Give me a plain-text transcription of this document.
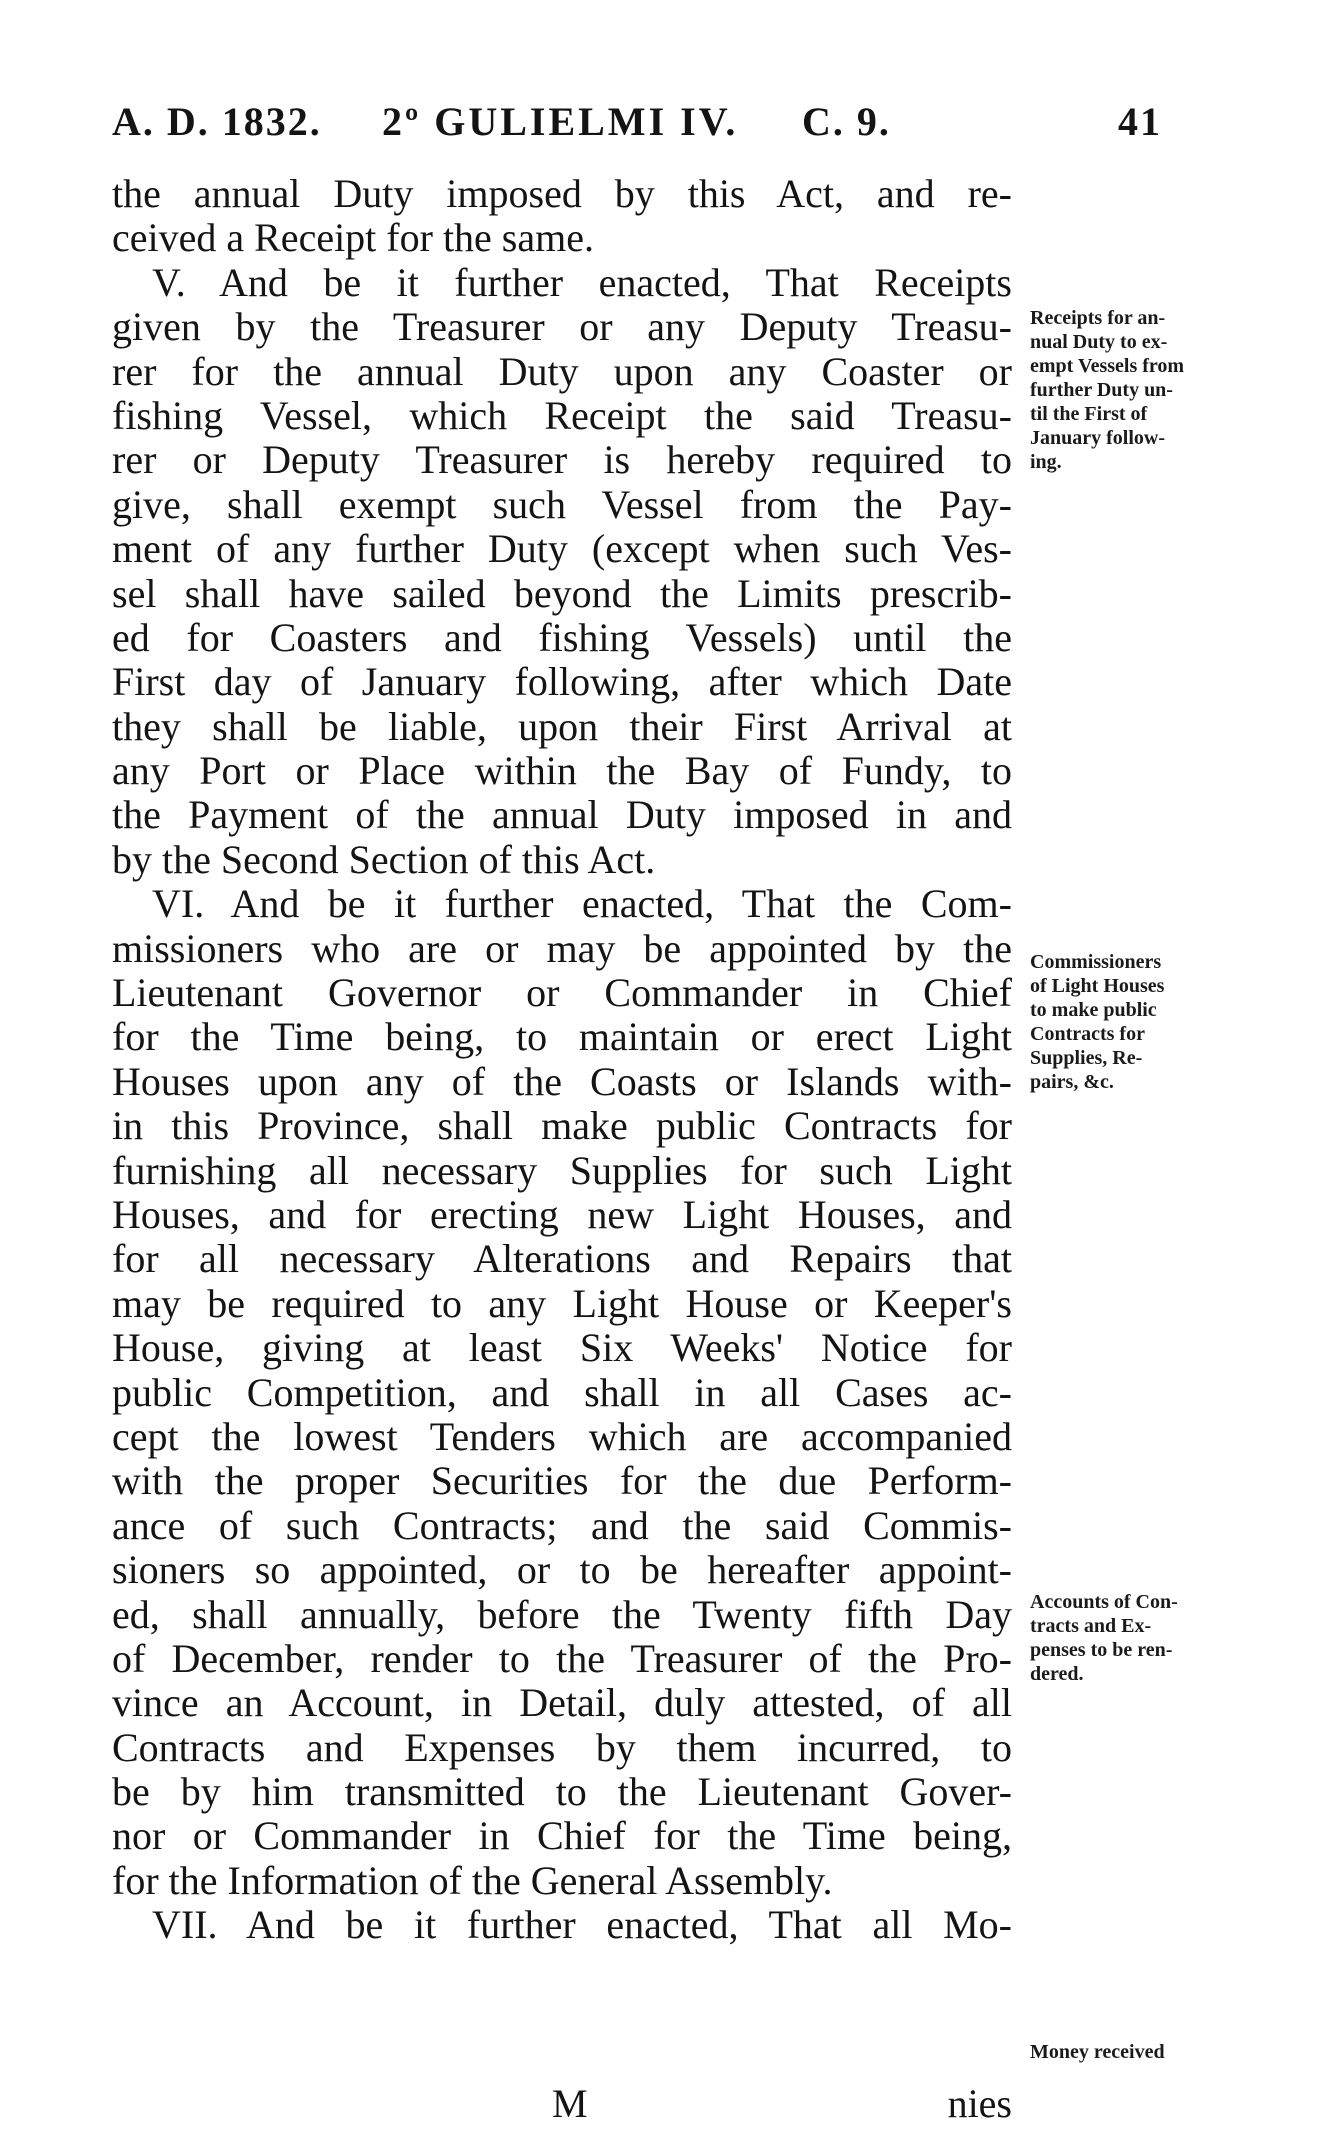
A. D. 1832. 2º GULIELMI IV. C. 9.	41
the annual Duty imposed by this Act, and re-
ceived a Receipt for the same.
V. And be it further enacted, That Receipts
given by the Treasurer or any Deputy Treasu-
rer for the annual Duty upon any Coaster or
fishing Vessel, which Receipt the said Treasu-
rer or Deputy Treasurer is hereby required to
give, shall exempt such Vessel from the Pay-
ment of any further Duty (except when such Ves-
sel shall have sailed beyond the Limits prescrib-
ed for Coasters and fishing Vessels) until the
First day of January following, after which Date
they shall be liable, upon their First Arrival at
any Port or Place within the Bay of Fundy, to
the Payment of the annual Duty imposed in and
by the Second Section of this Act.
VI. And be it further enacted, That the Com-
missioners who are or may be appointed by the
Lieutenant Governor or Commander in Chief
for the Time being, to maintain or erect Light
Houses upon any of the Coasts or Islands with-
in this Province, shall make public Contracts for
furnishing all necessary Supplies for such Light
Houses, and for erecting new Light Houses, and
for all necessary Alterations and Repairs that
may be required to any Light House or Keeper's
House, giving at least Six Weeks' Notice for
public Competition, and shall in all Cases ac-
cept the lowest Tenders which are accompanied
with the proper Securities for the due Perform-
ance of such Contracts; and the said Commis-
sioners so appointed, or to be hereafter appoint-
ed, shall annually, before the Twenty fifth Day
of December, render to the Treasurer of the Pro-
vince an Account, in Detail, duly attested, of all
Contracts and Expenses by them incurred, to
be by him transmitted to the Lieutenant Gover-
nor or Commander in Chief for the Time being,
for the Information of the General Assembly.
VII. And be it further enacted, That all Mo-
Receipts for an-
nual Duty to ex-
empt Vessels from
further Duty un-
til the First of
January follow-
ing.
Commissioners
of Light Houses
to make public
Contracts for
Supplies, Re-
pairs, &c.
Accounts of Con-
tracts and Ex-
penses to be ren-
dered.
Money received
M	nies
